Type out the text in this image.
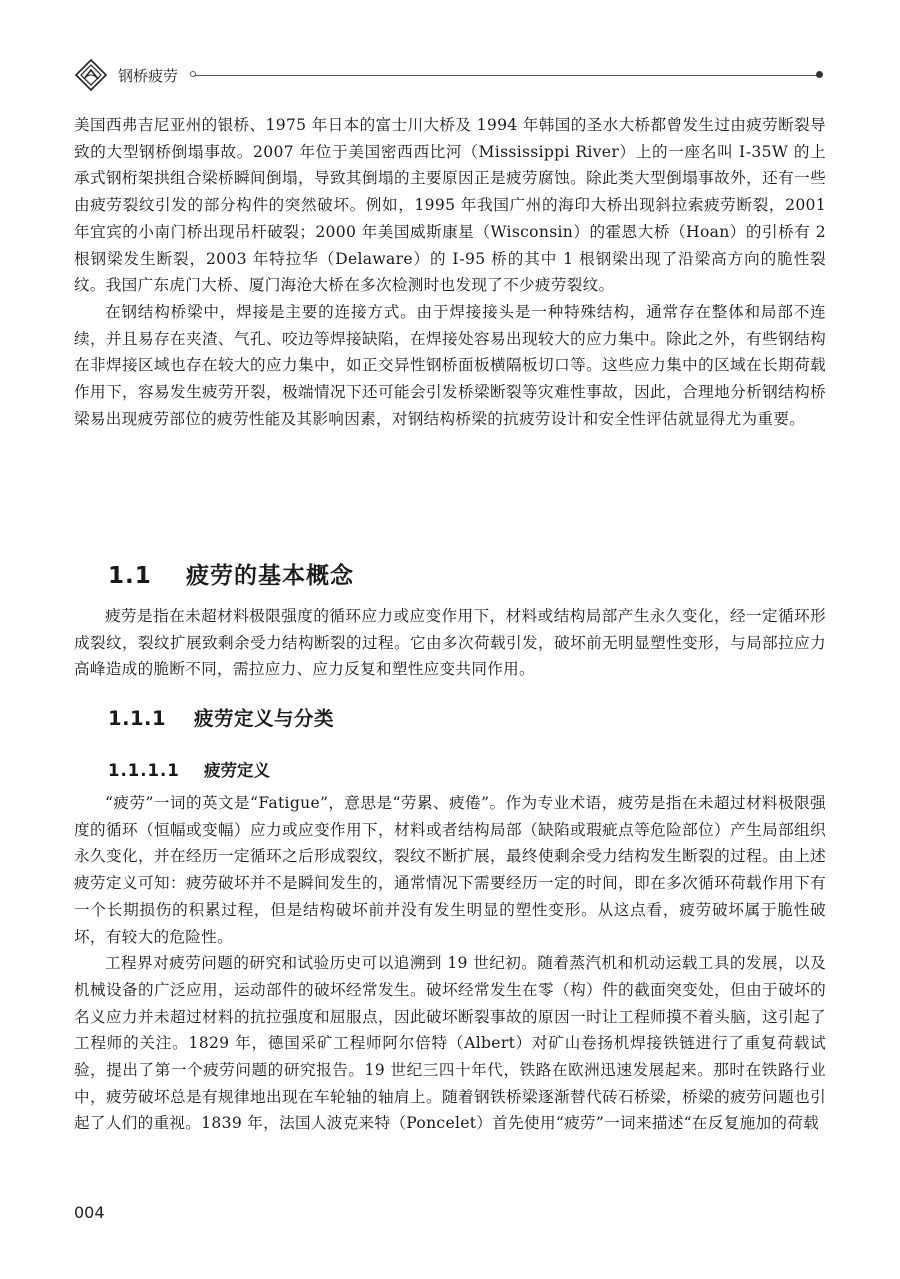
钢桥疲劳

美国西弗吉尼亚州的银桥、1975 年日本的富士川大桥及 1994 年韩国的圣水大桥都曾发生过由疲劳断裂导致的大型钢桥倒塌事故。2007 年位于美国密西西比河（Mississippi River）上的一座名叫 Ⅰ-35W 的上承式钢桁架拱组合梁桥瞬间倒塌，导致其倒塌的主要原因正是疲劳腐蚀。除此类大型倒塌事故外，还有一些由疲劳裂纹引发的部分构件的突然破坏。例如，1995 年我国广州的海印大桥出现斜拉索疲劳断裂，2001 年宜宾的小南门桥出现吊杆破裂；2000 年美国威斯康星（Wisconsin）的霍恩大桥（Hoan）的引桥有 2 根钢梁发生断裂，2003 年特拉华（Delaware）的 Ⅰ-95 桥的其中 1 根钢梁出现了沿梁高方向的脆性裂纹。我国广东虎门大桥、厦门海沧大桥在多次检测时也发现了不少疲劳裂纹。

在钢结构桥梁中，焊接是主要的连接方式。由于焊接接头是一种特殊结构，通常存在整体和局部不连续，并且易存在夹渣、气孔、咬边等焊接缺陷，在焊接处容易出现较大的应力集中。除此之外，有些钢结构在非焊接区域也存在较大的应力集中，如正交异性钢桥面板横隔板切口等。这些应力集中的区域在长期荷载作用下，容易发生疲劳开裂，极端情况下还可能会引发桥梁断裂等灾难性事故，因此，合理地分析钢结构桥梁易出现疲劳部位的疲劳性能及其影响因素，对钢结构桥梁的抗疲劳设计和安全性评估就显得尤为重要。

1.1 疲劳的基本概念

疲劳是指在未超材料极限强度的循环应力或应变作用下，材料或结构局部产生永久变化，经一定循环形成裂纹，裂纹扩展致剩余受力结构断裂的过程。它由多次荷载引发，破坏前无明显塑性变形，与局部拉应力高峰造成的脆断不同，需拉应力、应力反复和塑性应变共同作用。

1.1.1 疲劳定义与分类
1.1.1.1 疲劳定义

“疲劳”一词的英文是“Fatigue”，意思是“劳累、疲倦”。作为专业术语，疲劳是指在未超过材料极限强度的循环（恒幅或变幅）应力或应变作用下，材料或者结构局部（缺陷或瑕疵点等危险部位）产生局部组织永久变化，并在经历一定循环之后形成裂纹，裂纹不断扩展，最终使剩余受力结构发生断裂的过程。由上述疲劳定义可知：疲劳破坏并不是瞬间发生的，通常情况下需要经历一定的时间，即在多次循环荷载作用下有一个长期损伤的积累过程，但是结构破坏前并没有发生明显的塑性变形。从这点看，疲劳破坏属于脆性破坏，有较大的危险性。

工程界对疲劳问题的研究和试验历史可以追溯到 19 世纪初。随着蒸汽机和机动运载工具的发展，以及机械设备的广泛应用，运动部件的破坏经常发生。破坏经常发生在零（构）件的截面突变处，但由于破坏的名义应力并未超过材料的抗拉强度和屈服点，因此破坏断裂事故的原因一时让工程师摸不着头脑，这引起了工程师的关注。1829 年，德国采矿工程师阿尔倍特（Albert）对矿山卷扬机焊接铁链进行了重复荷载试验，提出了第一个疲劳问题的研究报告。19 世纪三四十年代，铁路在欧洲迅速发展起来。那时在铁路行业中，疲劳破坏总是有规律地出现在车轮轴的轴肩上。随着钢铁桥梁逐渐替代砖石桥梁，桥梁的疲劳问题也引起了人们的重视。1839 年，法国人波克来特（Poncelet）首先使用“疲劳”一词来描述“在反复施加的荷载

004
